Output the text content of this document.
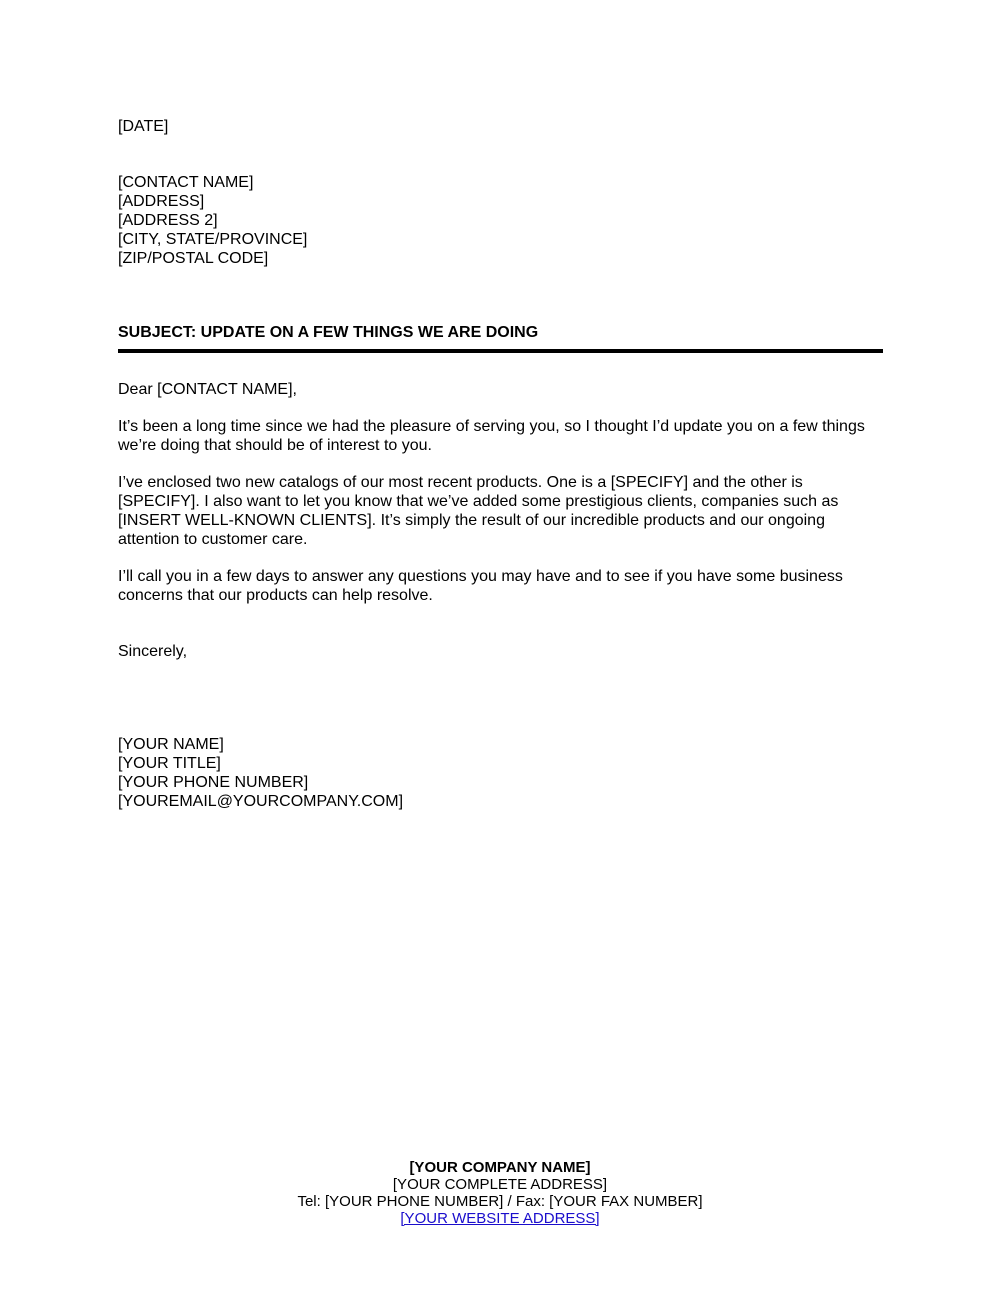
[DATE]
[CONTACT NAME]
[ADDRESS]
[ADDRESS 2]
[CITY, STATE/PROVINCE]
[ZIP/POSTAL CODE]
SUBJECT: UPDATE ON A FEW THINGS WE ARE DOING
Dear [CONTACT NAME],

It’s been a long time since we had the pleasure of serving you, so I thought I’d update you on a few things we’re doing that should be of interest to you.

I’ve enclosed two new catalogs of our most recent products. One is a [SPECIFY] and the other is [SPECIFY]. I also want to let you know that we’ve added some prestigious clients, companies such as [INSERT WELL-KNOWN CLIENTS]. It’s simply the result of our incredible products and our ongoing attention to customer care.

I’ll call you in a few days to answer any questions you may have and to see if you have some business concerns that our products can help resolve.

Sincerely,
[YOUR NAME]
[YOUR TITLE]
[YOUR PHONE NUMBER]
[YOUREMAIL@YOURCOMPANY.COM]
[YOUR COMPANY NAME]
[YOUR COMPLETE ADDRESS]
Tel: [YOUR PHONE NUMBER] / Fax: [YOUR FAX NUMBER]
[YOUR WEBSITE ADDRESS]
